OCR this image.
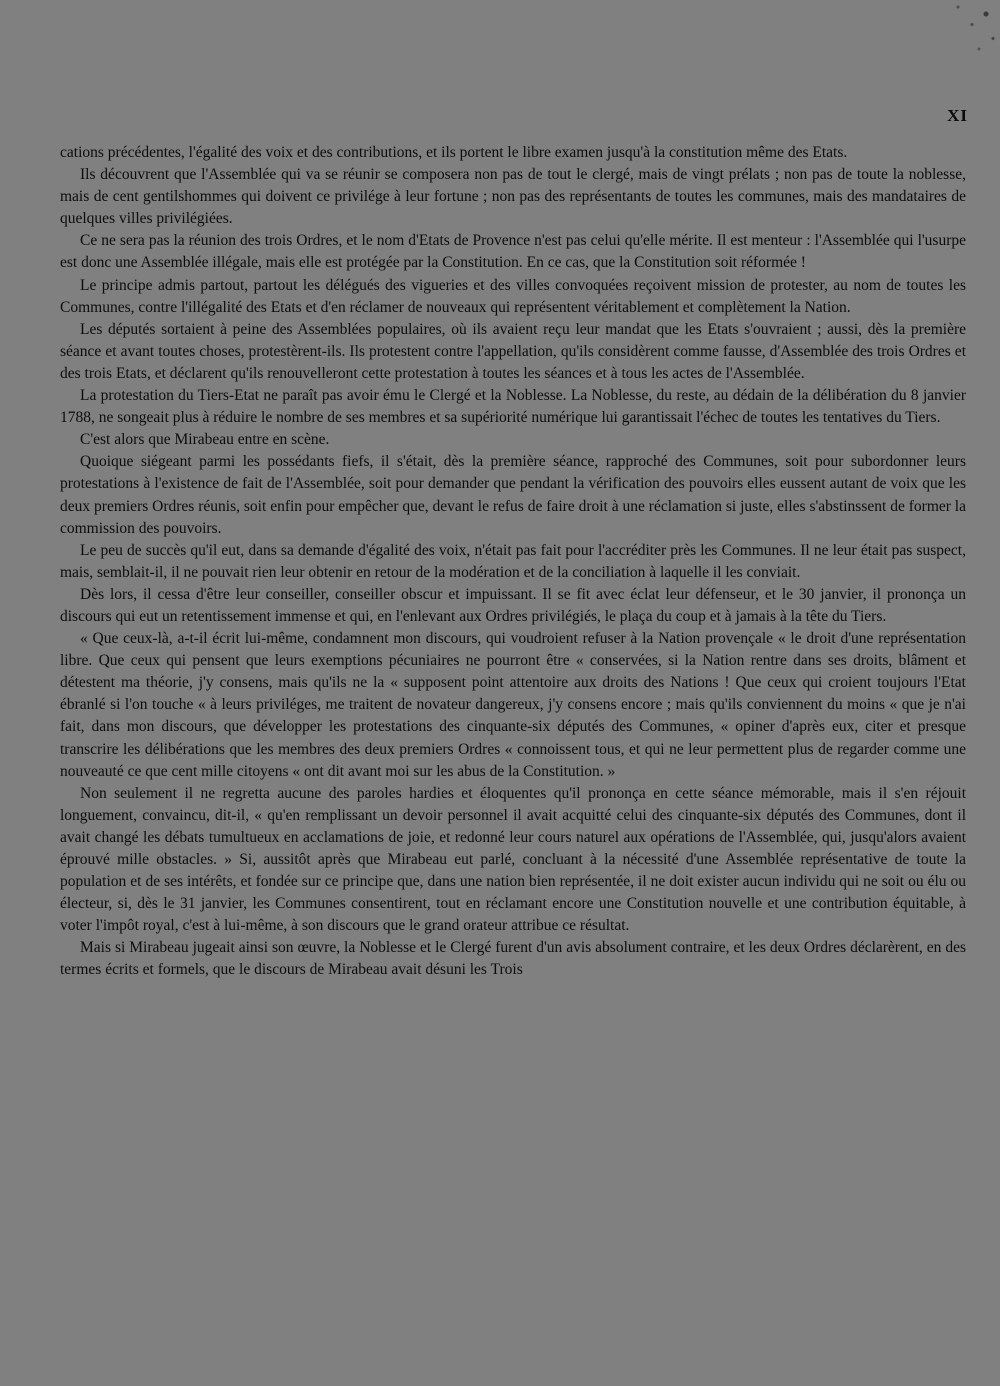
XI

cations précédentes, l'égalité des voix et des contributions, et ils portent le libre examen jusqu'à la constitution même des Etats.

Ils découvrent que l'Assemblée qui va se réunir se composera non pas de tout le clergé, mais de vingt prélats ; non pas de toute la noblesse, mais de cent gentilshommes qui doivent ce privilége à leur fortune ; non pas des représentants de toutes les communes, mais des mandataires de quelques villes privilégiées.

Ce ne sera pas la réunion des trois Ordres, et le nom d'Etats de Provence n'est pas celui qu'elle mérite. Il est menteur : l'Assemblée qui l'usurpe est donc une Assemblée illégale, mais elle est protégée par la Constitution. En ce cas, que la Constitution soit réformée !

Le principe admis partout, partout les délégués des vigueries et des villes convoquées reçoivent mission de protester, au nom de toutes les Communes, contre l'illégalité des Etats et d'en réclamer de nouveaux qui représentent véritablement et complètement la Nation.

Les députés sortaient à peine des Assemblées populaires, où ils avaient reçu leur mandat que les Etats s'ouvraient ; aussi, dès la première séance et avant toutes choses, protestèrent-ils. Ils protestent contre l'appellation, qu'ils considèrent comme fausse, d'Assemblée des trois Ordres et des trois Etats, et déclarent qu'ils renouvelleront cette protestation à toutes les séances et à tous les actes de l'Assemblée.

La protestation du Tiers-Etat ne paraît pas avoir ému le Clergé et la Noblesse. La Noblesse, du reste, au dédain de la délibération du 8 janvier 1788, ne songeait plus à réduire le nombre de ses membres et sa supériorité numérique lui garantissait l'échec de toutes les tentatives du Tiers.

C'est alors que Mirabeau entre en scène.

Quoique siégeant parmi les possédants fiefs, il s'était, dès la première séance, rapproché des Communes, soit pour subordonner leurs protestations à l'existence de fait de l'Assemblée, soit pour demander que pendant la vérification des pouvoirs elles eussent autant de voix que les deux premiers Ordres réunis, soit enfin pour empêcher que, devant le refus de faire droit à une réclamation si juste, elles s'abstinssent de former la commission des pouvoirs.

Le peu de succès qu'il eut, dans sa demande d'égalité des voix, n'était pas fait pour l'accréditer près les Communes. Il ne leur était pas suspect, mais, semblait-il, il ne pouvait rien leur obtenir en retour de la modération et de la conciliation à laquelle il les conviait.

Dès lors, il cessa d'être leur conseiller, conseiller obscur et impuissant. Il se fit avec éclat leur défenseur, et le 30 janvier, il prononça un discours qui eut un retentissement immense et qui, en l'enlevant aux Ordres privilégiés, le plaça du coup et à jamais à la tête du Tiers.

« Que ceux-là, a-t-il écrit lui-même, condamnent mon discours, qui voudroient refuser à la Nation provençale « le droit d'une représentation libre. Que ceux qui pensent que leurs exemptions pécuniaires ne pourront être « conservées, si la Nation rentre dans ses droits, blâment et détestent ma théorie, j'y consens, mais qu'ils ne la « supposent point attentoire aux droits des Nations ! Que ceux qui croient toujours l'Etat ébranlé si l'on touche « à leurs priviléges, me traitent de novateur dangereux, j'y consens encore ; mais qu'ils conviennent du moins « que je n'ai fait, dans mon discours, que développer les protestations des cinquante-six députés des Communes, « opiner d'après eux, citer et presque transcrire les délibérations que les membres des deux premiers Ordres « connoissent tous, et qui ne leur permettent plus de regarder comme une nouveauté ce que cent mille citoyens « ont dit avant moi sur les abus de la Constitution. »

Non seulement il ne regretta aucune des paroles hardies et éloquentes qu'il prononça en cette séance mémorable, mais il s'en réjouit longuement, convaincu, dit-il, « qu'en remplissant un devoir personnel il avait acquitté celui des cinquante-six députés des Communes, dont il avait changé les débats tumultueux en acclamations de joie, et redonné leur cours naturel aux opérations de l'Assemblée, qui, jusqu'alors avaient éprouvé mille obstacles. » Si, aussitôt après que Mirabeau eut parlé, concluant à la nécessité d'une Assemblée représentative de toute la population et de ses intérêts, et fondée sur ce principe que, dans une nation bien représentée, il ne doit exister aucun individu qui ne soit ou élu ou électeur, si, dès le 31 janvier, les Communes consentirent, tout en réclamant encore une Constitution nouvelle et une contribution équitable, à voter l'impôt royal, c'est à lui-même, à son discours que le grand orateur attribue ce résultat.

Mais si Mirabeau jugeait ainsi son œuvre, la Noblesse et le Clergé furent d'un avis absolument contraire, et les deux Ordres déclarèrent, en des termes écrits et formels, que le discours de Mirabeau avait désuni les Trois
